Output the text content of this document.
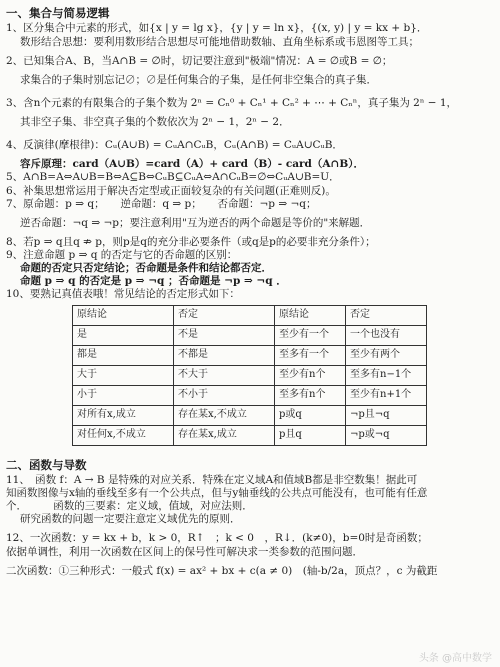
一、集合与简易逻辑

1、区分集合中元素的形式，如{x | y = lg x}，{y | y = ln x}，{(x, y) | y = kx + b}．

数形结合思想：要利用数形结合思想尽可能地借助数轴、直角坐标系或韦恩图等工具；

2、已知集合A、B，当A∩B = ∅时，切记要注意到"极端"情况：A = ∅或B = ∅；

求集合的子集时别忘记∅；∅是任何集合的子集，是任何非空集合的真子集．

3、含n个元素的有限集合的子集个数为 2ⁿ = Cₙ⁰ + Cₙ¹ + Cₙ² + ⋯ + Cₙⁿ，真子集为 2ⁿ − 1，

其非空子集、非空真子集的个数依次为 2ⁿ − 1，2ⁿ − 2．

4、反演律(摩根律)：Cᵤ(A∪B) = CᵤA∩CᵤB，Cᵤ(A∩B) = CᵤA∪CᵤB．

容斥原理：card（A∪B）=card（A）+ card（B）- card（A∩B）．

5、A∩B=A⇔A∪B=B⇔A⊆B⇔CᵤB⊆CᵤA⇔A∩CᵤB=∅⇔CᵤA∪B=U．

6、补集思想常运用于解决否定型或正面较复杂的有关问题(正难则反)。

7、原命题：p ⇒ q；　　逆命题：q ⇒ p；　　否命题：¬p ⇒ ¬q；

逆否命题：¬q ⇒ ¬p；要注意利用"互为逆否的两个命题是等价的"来解题．

8、若p ⇒ q且q ⇏ p，则p是q的充分非必要条件（或q是p的必要非充分条件）；

9、注意命题 p ⇒ q 的否定与它的否命题的区别：

命题的否定只否定结论；否命题是条件和结论都否定．

命题 p ⇒ q 的否定是 p ⇒ ¬q ；否命题是 ¬p ⇒ ¬q ．

10、要熟记真值表哦！常见结论的否定形式如下：

原结论	否定	原结论	否定
是	不是	至少有一个	一个也没有
都是	不都是	至多有一个	至少有两个
大于	不大于	至少有n个	至多有n−1个
小于	不小于	至多有n个	至少有n+1个
对所有x,成立	存在某x,不成立	p或q	¬p且¬q
对任何x,不成立	存在某x,成立	p且q	¬p或¬q
二、函数与导数

11、　函数 f：A → B 是特殊的对应关系．特殊在定义域A和值域B都是非空数集！据此可

知函数图像与x轴的垂线至多有一个公共点，但与y轴垂线的公共点可能没有，也可能有任意

个．　　　函数的三要素：定义域，值域，对应法则．

研究函数的问题一定要注意定义域优先的原则．

12、一次函数：y = kx + b，k > 0，R↑　；k < 0　，R↓．(k≠0)，b=0时是奇函数；

依据单调性，利用一次函数在区间上的保号性可解决求一类参数的范围问题．

二次函数：①三种形式：一般式 f(x) = ax² + bx + c(a ≠ 0)　(轴-b/2a，顶点？，c 为截距

头条 @高中数学
